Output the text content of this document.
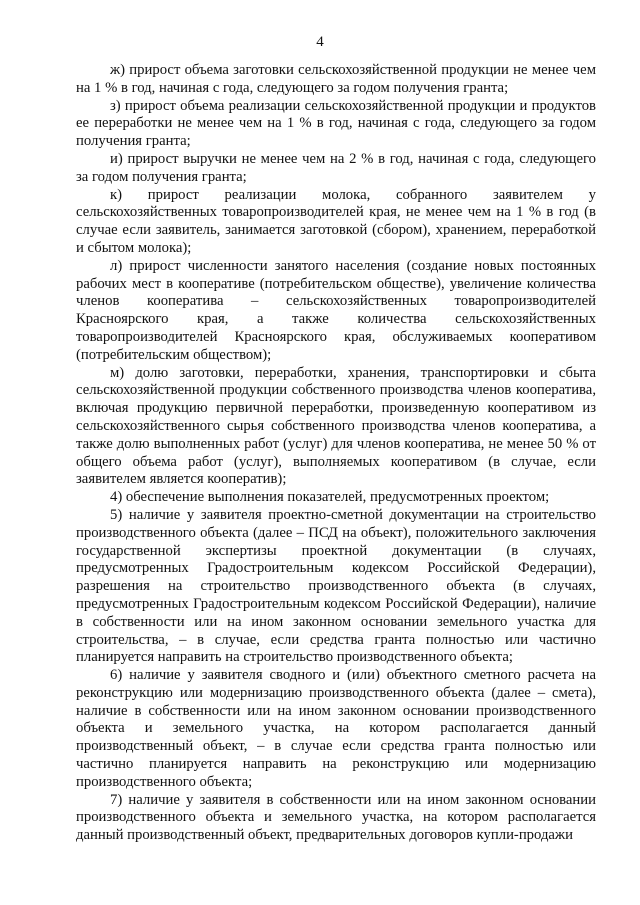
4

ж) прирост объема заготовки сельскохозяйственной продукции не менее чем на 1 % в год, начиная с года, следующего за годом получения гранта;

з) прирост объема реализации сельскохозяйственной продукции и продуктов ее переработки не менее чем на 1 % в год, начиная с года, следующего за годом получения гранта;

и) прирост выручки не менее чем на 2 % в год, начиная с года, следующего за годом получения гранта;

к) прирост реализации молока, собранного заявителем у сельскохозяйственных товаропроизводителей края, не менее чем на 1 % в год (в случае если заявитель, занимается заготовкой (сбором), хранением, переработкой и сбытом молока);

л) прирост численности занятого населения (создание новых постоянных рабочих мест в кооперативе (потребительском обществе), увеличение количества членов кооператива – сельскохозяйственных товаропроизводителей Красноярского края, а также количества сельскохозяйственных товаропроизводителей Красноярского края, обслуживаемых кооперативом (потребительским обществом);

м) долю заготовки, переработки, хранения, транспортировки и сбыта сельскохозяйственной продукции собственного производства членов кооператива, включая продукцию первичной переработки, произведенную кооперативом из сельскохозяйственного сырья собственного производства членов кооператива, а также долю выполненных работ (услуг) для членов кооператива, не менее 50 % от общего объема работ (услуг), выполняемых кооперативом (в случае, если заявителем является кооператив);

4) обеспечение выполнения показателей, предусмотренных проектом;

5) наличие у заявителя проектно-сметной документации на строительство производственного объекта (далее – ПСД на объект), положительного заключения государственной экспертизы проектной документации (в случаях, предусмотренных Градостроительным кодексом Российской Федерации), разрешения на строительство производственного объекта (в случаях, предусмотренных Градостроительным кодексом Российской Федерации), наличие в собственности или на ином законном основании земельного участка для строительства, – в случае, если средства гранта полностью или частично планируется направить на строительство производственного объекта;

6) наличие у заявителя сводного и (или) объектного сметного расчета на реконструкцию или модернизацию производственного объекта (далее – смета), наличие в собственности или на ином законном основании производственного объекта и земельного участка, на котором располагается данный производственный объект, – в случае если средства гранта полностью или частично планируется направить на реконструкцию или модернизацию производственного объекта;

7) наличие у заявителя в собственности или на ином законном основании производственного объекта и земельного участка, на котором располагается данный производственный объект, предварительных договоров купли-продажи
